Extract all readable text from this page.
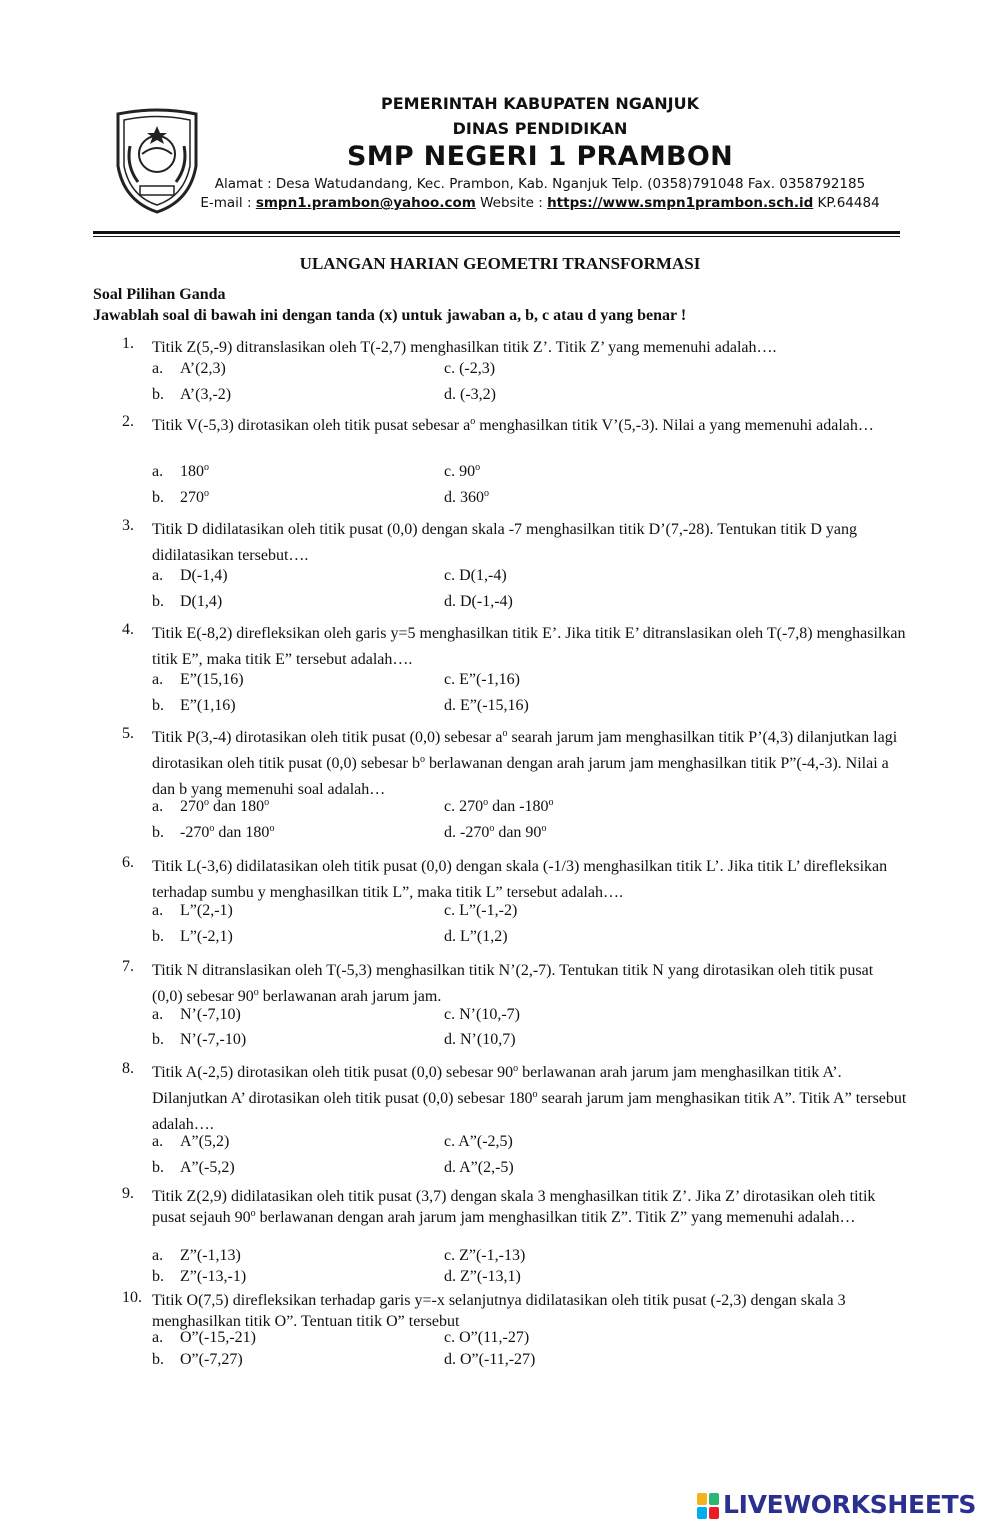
PEMERINTAH KABUPATEN NGANJUK
DINAS PENDIDIKAN
SMP NEGERI 1 PRAMBON
Alamat : Desa Watudandang, Kec. Prambon, Kab. Nganjuk Telp. (0358)791048 Fax. 0358792185
E-mail : smpn1.prambon@yahoo.com Website : https://www.smpn1prambon.sch.id KP.64484
ULANGAN HARIAN GEOMETRI TRANSFORMASI
Soal Pilihan Ganda
Jawablah soal di bawah ini dengan tanda (x) untuk jawaban a, b, c atau d yang benar !
1. Titik Z(5,-9) ditranslasikan oleh T(-2,7) menghasilkan titik Z’. Titik Z’ yang memenuhi adalah….
a. A’(2,3)
b. A’(3,-2)
c. (-2,3)
d. (-3,2)
2. Titik V(-5,3) dirotasikan oleh titik pusat sebesar $a^o$ menghasilkan titik V’(5,-3). Nilai a yang memenuhi adalah…
a. 180$^o$
b. 270$^o$
c. 90$^o$
d. 360$^o$
3. Titik D didilatasikan oleh titik pusat (0,0) dengan skala -7 menghasilkan titik D’(7,-28). Tentukan titik D yang didilatasikan tersebut….
a. D(-1,4)
b. D(1,4)
c. D(1,-4)
d. D(-1,-4)
4. Titik E(-8,2) direfleksikan oleh garis y=5 menghasilkan titik E’. Jika titik E’ ditranslasikan oleh T(-7,8) menghasilkan titik E”, maka titik E” tersebut adalah….
a. E”(15,16)
b. E”(1,16)
c. E”(-1,16)
d. E”(-15,16)
5. Titik P(3,-4) dirotasikan oleh titik pusat (0,0) sebesar $a^o$ searah jarum jam menghasilkan titik P’(4,3) dilanjutkan lagi dirotasikan oleh titik pusat (0,0) sebesar $b^o$ berlawanan dengan arah jarum jam menghasilkan titik P”(-4,-3). Nilai a dan b yang memenuhi soal adalah…
a. 270$^o$ dan 180$^o$
b. -270$^o$ dan 180$^o$
c. 270$^o$ dan -180$^o$
d. -270$^o$ dan 90$^o$
6. Titik L(-3,6) didilatasikan oleh titik pusat (0,0) dengan skala (-1/3) menghasilkan titik L’. Jika titik L’ direfleksikan terhadap sumbu y menghasilkan titik L”, maka titik L” tersebut adalah….
a. L”(2,-1)
b. L”(-2,1)
c. L”(-1,-2)
d. L”(1,2)
7. Titik N ditranslasikan oleh T(-5,3) menghasilkan titik N’(2,-7). Tentukan titik N yang dirotasikan oleh titik pusat (0,0) sebesar 90$^o$ berlawanan arah jarum jam.
a. N’(-7,10)
b. N’(-7,-10)
c. N’(10,-7)
d. N’(10,7)
8. Titik A(-2,5) dirotasikan oleh titik pusat (0,0) sebesar 90$^o$ berlawanan arah jarum jam menghasilkan titik A’. Dilanjutkan A’ dirotasikan oleh titik pusat (0,0) sebesar 180$^o$ searah jarum jam menghasikan titik A”. Titik A” tersebut adalah….
a. A”(5,2)
b. A”(-5,2)
c. A”(-2,5)
d. A”(2,-5)
9. Titik Z(2,9) didilatasikan oleh titik pusat (3,7) dengan skala 3 menghasilkan titik Z’. Jika Z’ dirotasikan oleh titik pusat sejauh 90$^o$ berlawanan dengan arah jarum jam menghasilkan titik Z”. Titik Z” yang memenuhi adalah…
a. Z”(-1,13)
b. Z”(-13,-1)
c. Z”(-1,-13)
d. Z”(-13,1)
10. Titik O(7,5) direfleksikan terhadap garis y=-x selanjutnya didilatasikan oleh titik pusat (-2,3) dengan skala 3 menghasilkan titik O”. Tentuan titik O” tersebut
a. O”(-15,-21)
b. O”(-7,27)
c. O”(11,-27)
d. O”(-11,-27)
LIVEWORKSHEETS
